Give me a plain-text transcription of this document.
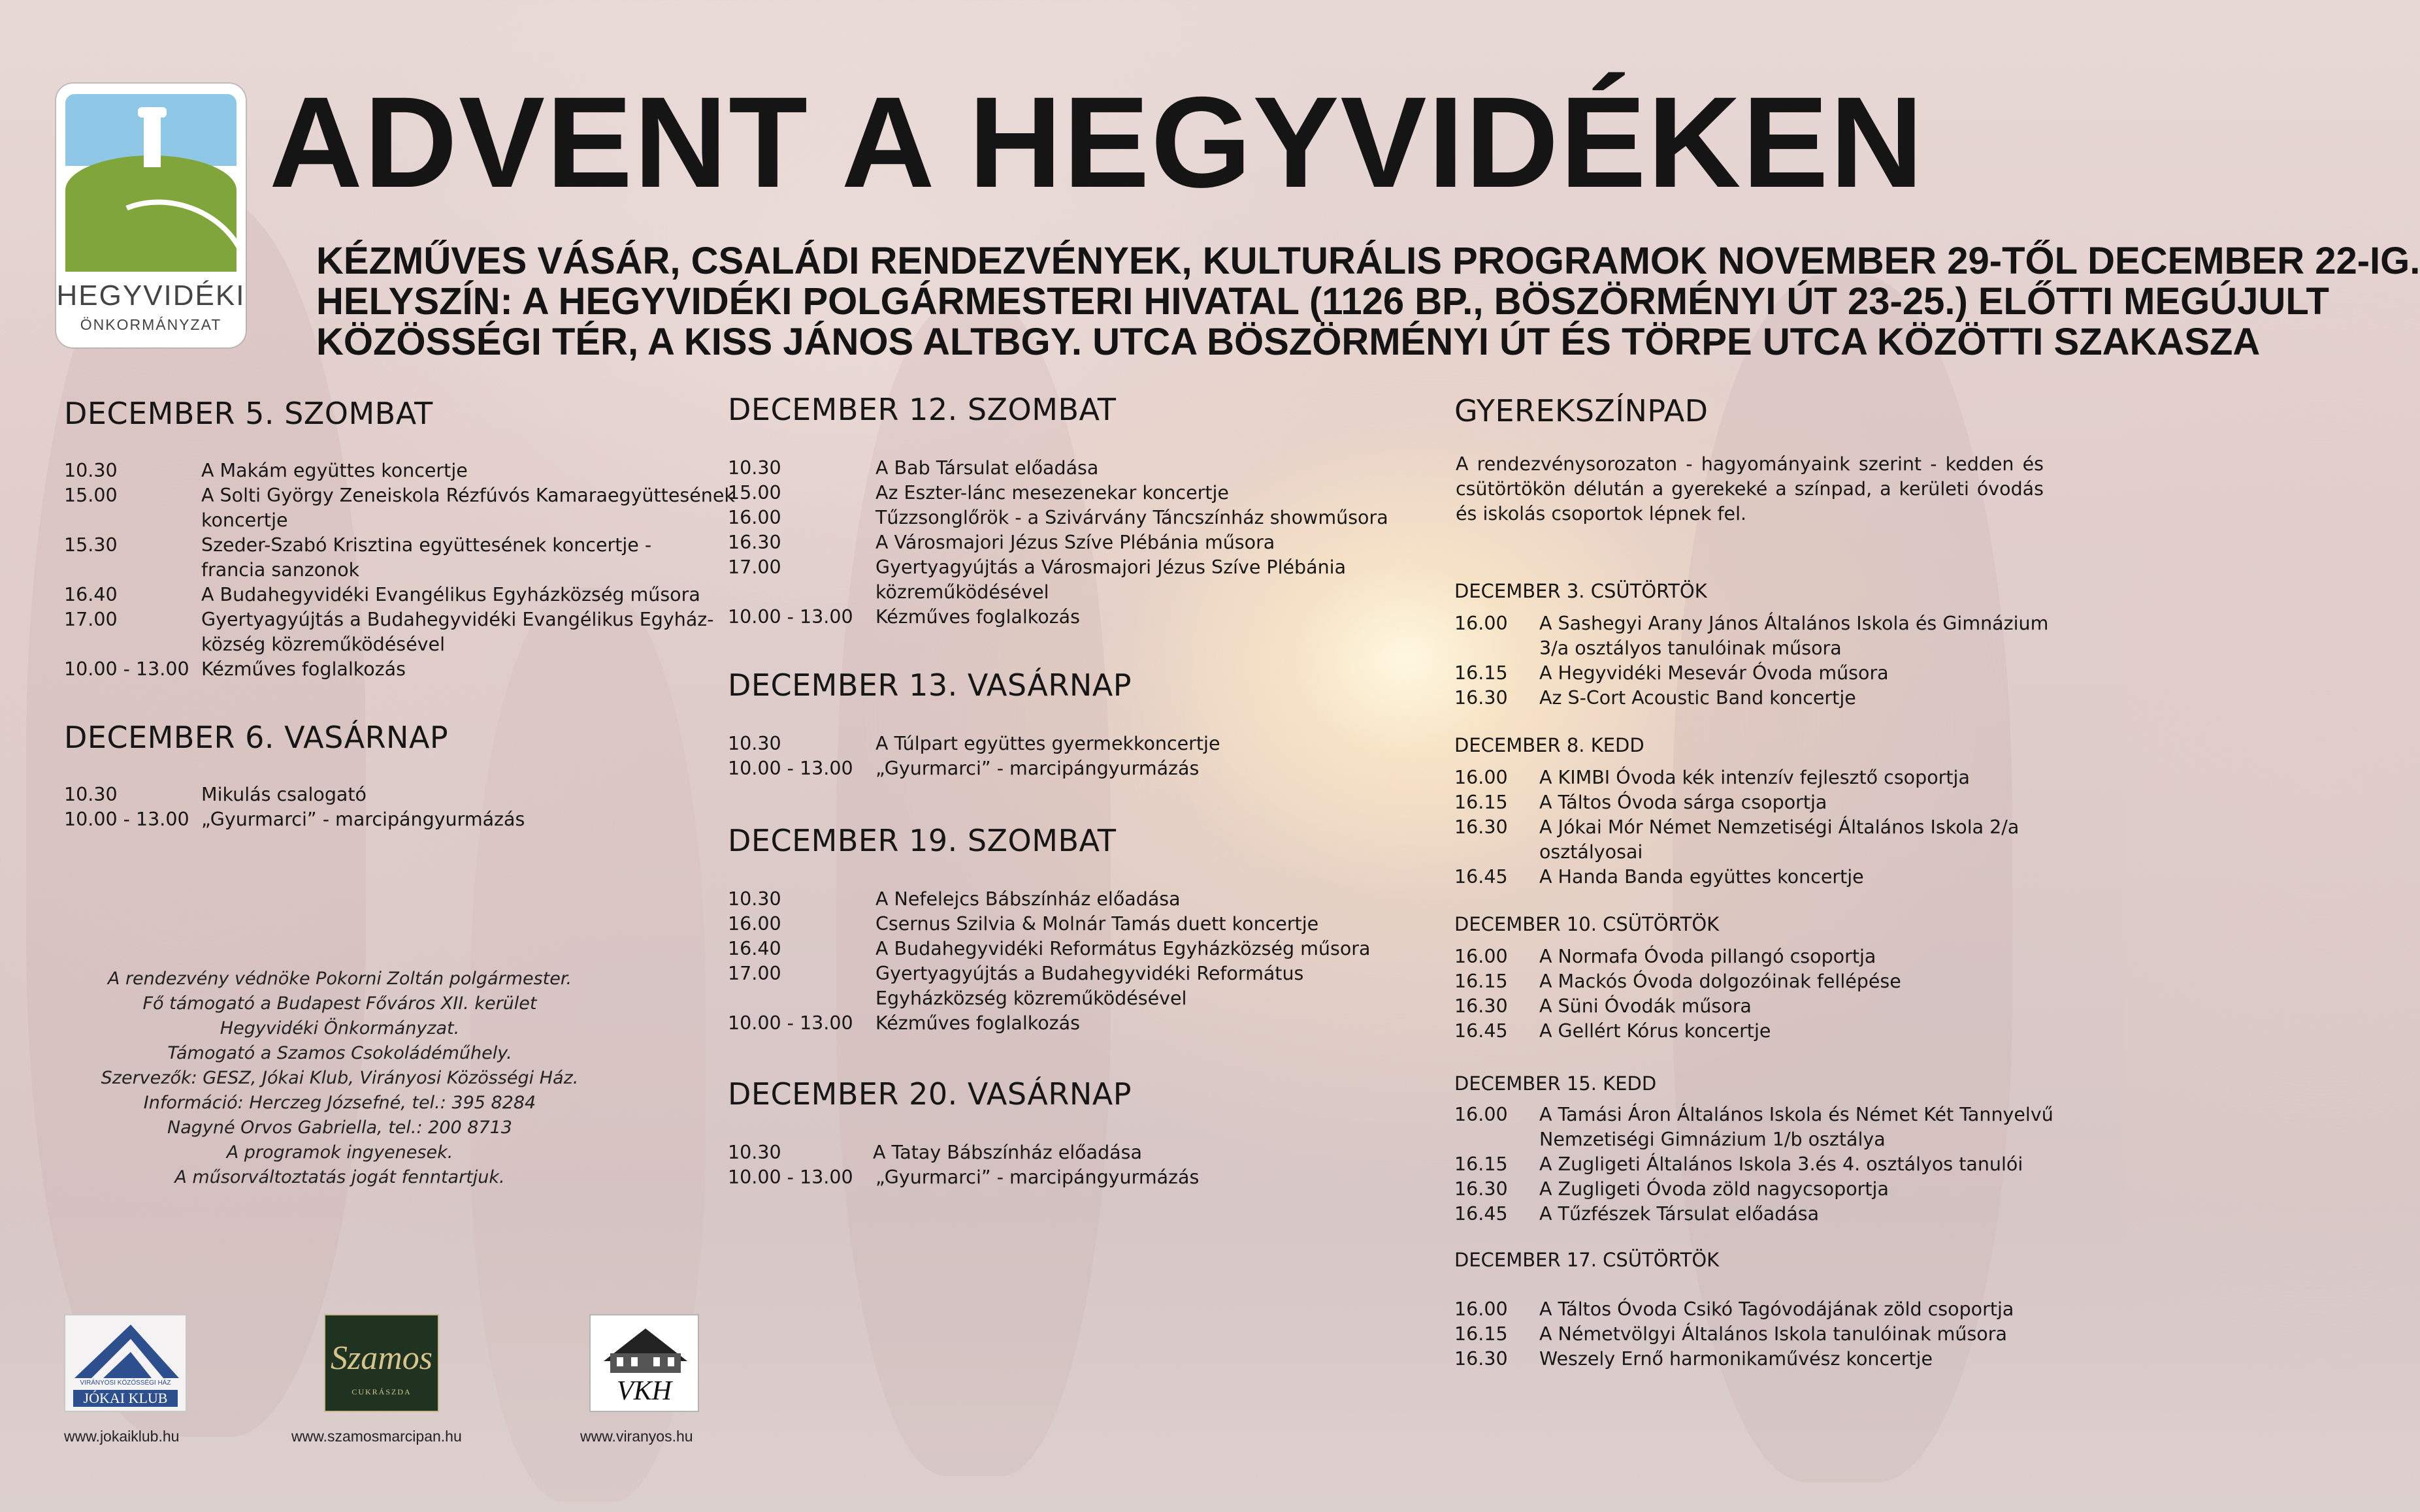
HEGYVIDÉKI
ÖNKORMÁNYZAT
ADVENT A HEGYVIDÉKEN
KÉZMŰVES VÁSÁR, CSALÁDI RENDEZVÉNYEK, KULTURÁLIS PROGRAMOK NOVEMBER 29-TŐL DECEMBER 22-IG.
HELYSZÍN: A HEGYVIDÉKI POLGÁRMESTERI HIVATAL (1126 BP., BÖSZÖRMÉNYI ÚT 23-25.) ELŐTTI MEGÚJULT
KÖZÖSSÉGI TÉR, A KISS JÁNOS ALTBGY. UTCA BÖSZÖRMÉNYI ÚT ÉS TÖRPE UTCA KÖZÖTTI SZAKASZA
DECEMBER 5. SZOMBAT
10.30	A Makám együttes koncertje
15.00	A Solti György Zeneiskola Rézfúvós Kamaraegyüttesének
koncertje
15.30	Szeder-Szabó Krisztina együttesének koncertje -
francia sanzonok
16.40	A Budahegyvidéki Evangélikus Egyházközség műsora
17.00	Gyertyagyújtás a Budahegyvidéki Evangélikus Egyház-
község közreműködésével
10.00 - 13.00 Kézműves foglalkozás
DECEMBER 6. VASÁRNAP
10.30	Mikulás csalogató
10.00 - 13.00 „Gyurmarci” - marcipángyurmázás
A rendezvény védnöke Pokorni Zoltán polgármester.
Fő támogató a Budapest Főváros XII. kerület
Hegyvidéki Önkormányzat.
Támogató a Szamos Csokoládéműhely.
Szervezők: GESZ, Jókai Klub, Virányosi Közösségi Ház.
Információ: Herczeg Józsefné, tel.: 395 8284
Nagyné Orvos Gabriella, tel.: 200 8713
A programok ingyenesek.
A műsorváltoztatás jogát fenntartjuk.
VIRÁNYOSI KÖZÖSSÉGI HÁZ
JÓKAI KLUB
www.jokaiklub.hu
Szamos
CUKRÁSZDA
www.szamosmarcipan.hu
VKH
www.viranyos.hu
DECEMBER 12. SZOMBAT
10.30	A Bab Társulat előadása
15.00	Az Eszter-lánc mesezenekar koncertje
16.00	Tűzzsonglőrök - a Szivárvány Táncszínház showműsora
16.30	A Városmajori Jézus Szíve Plébánia műsora
17.00	Gyertyagyújtás a Városmajori Jézus Szíve Plébánia
közreműködésével
10.00 - 13.00 Kézműves foglalkozás
DECEMBER 13. VASÁRNAP
10.30	A Túlpart együttes gyermekkoncertje
10.00 - 13.00 „Gyurmarci” - marcipángyurmázás
DECEMBER 19. SZOMBAT
10.30	A Nefelejcs Bábszínház előadása
16.00	Csernus Szilvia & Molnár Tamás duett koncertje
16.40	A Budahegyvidéki Református Egyházközség műsora
17.00	Gyertyagyújtás a Budahegyvidéki Református
Egyházközség közreműködésével
10.00 - 13.00 Kézműves foglalkozás
DECEMBER 20. VASÁRNAP
10.30	A Tatay Bábszínház előadása
10.00 - 13.00 „Gyurmarci” - marcipángyurmázás
GYEREKSZÍNPAD
A rendezvénysorozaton - hagyományaink szerint - kedden és csütörtökön délután a gyerekeké a színpad, a kerületi óvodás és iskolás csoportok lépnek fel.
DECEMBER 3. CSÜTÖRTÖK
16.00 A Sashegyi Arany János Általános Iskola és Gimnázium
3/a osztályos tanulóinak műsora
16.15 A Hegyvidéki Mesevár Óvoda műsora
16.30 Az S-Cort Acoustic Band koncertje
DECEMBER 8. KEDD
16.00 A KIMBI Óvoda kék intenzív fejlesztő csoportja
16.15 A Táltos Óvoda sárga csoportja
16.30 A Jókai Mór Német Nemzetiségi Általános Iskola 2/a
osztályosai
16.45 A Handa Banda együttes koncertje
DECEMBER 10. CSÜTÖRTÖK
16.00 A Normafa Óvoda pillangó csoportja
16.15 A Mackós Óvoda dolgozóinak fellépése
16.30 A Süni Óvodák műsora
16.45 A Gellért Kórus koncertje
DECEMBER 15. KEDD
16.00 A Tamási Áron Általános Iskola és Német Két Tannyelvű
Nemzetiségi Gimnázium 1/b osztálya
16.15 A Zugligeti Általános Iskola 3.és 4. osztályos tanulói
16.30 A Zugligeti Óvoda zöld nagycsoportja
16.45 A Tűzfészek Társulat előadása
DECEMBER 17. CSÜTÖRTÖK
16.00 A Táltos Óvoda Csikó Tagóvodájának zöld csoportja
16.15 A Németvölgyi Általános Iskola tanulóinak műsora
16.30 Weszely Ernő harmonikaművész koncertje
